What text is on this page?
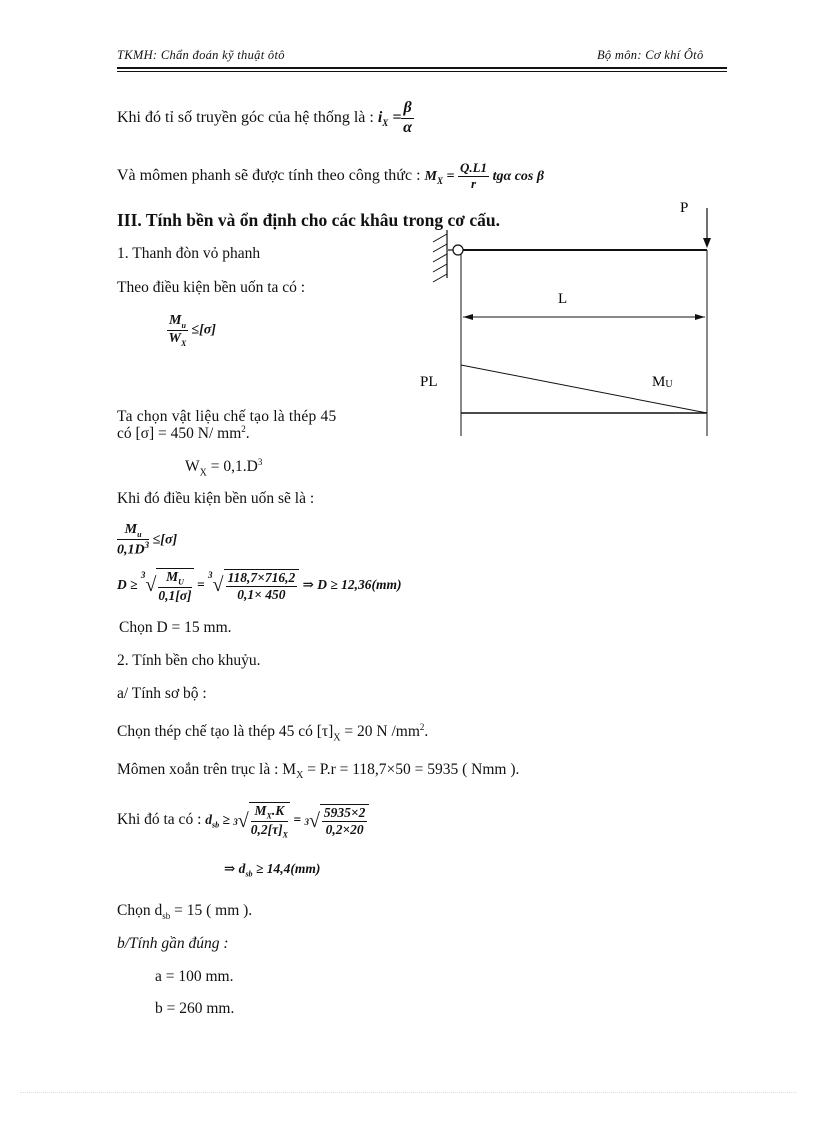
TKMH: Chẩn đoán kỹ thuật ôtô	Bộ môn: Cơ khí Ôtô
Khi đó tỉ số truyền góc của hệ thống là : $i_X = \frac{\beta}{\alpha}$
Và mômen phanh sẽ được tính theo công thức : $M_X = \frac{Q.L1}{r}$ tgα cos β
III. Tính bền và ổn định cho các khâu trong cơ cấu.
1. Thanh đòn vỏ phanh
Theo điều kiện bền uốn ta có :
$\frac{M_u}{W_X} \le[\sigma]$
Ta chọn vật liệu chế tạo là thép 45
có [σ] = 450 N/ $mm^2$.
$W_X = 0,1.D^3$
Khi đó điều kiện bền uốn sẽ là :
$\frac{M_u}{0,1D^3} \le[\sigma]$
$D \ge ^3√ \frac{M_U}{0,1[\sigma]} = ^3√ \frac{118,7\times 716,2}{0,1\times 450}$ ⇒ D ≥ 12,36(mm)
Chọn D = 15 mm.
2. Tính bền cho khuỷu.
a/ Tính sơ bộ :
Chọn thép chế tạo là thép 45 có $[\tau]_X = 20$ N $/mm^2$.
Mômen xoắn trên trục là : $M_X = P.r = 118,7\times 50 = 5935$ ( Nmm ).
Khi đó ta có : $d_{sb} \ge ^3√ \frac{M_X.K}{0,2[\tau]_X} = ^3√ \frac{5935\times 2}{0,2\times 20}$
⇒ $d_{sb} \ge 14,4(mm)$
Chọn $d_{sb} = 15$ ( mm ).
b/Tính gần đúng :
a = 100 mm.
b = 260 mm.
P
L
PL	MU
